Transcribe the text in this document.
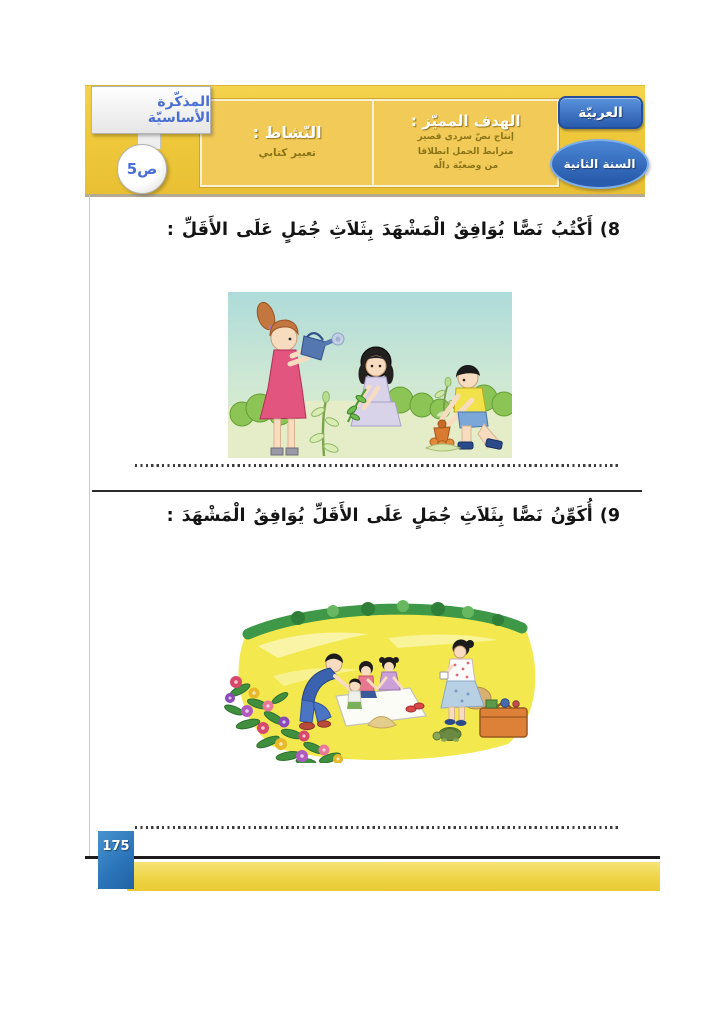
الهدف المميّز :
إنتاج نصّ سردي قصير
مترابط الجمل انطلاقا
من وضعيّة دالّة
النّشاط :
تعبير كتابي
العربيّة
السنة الثانية
المذكّرة الأساسيّة
ص5
8)أَكْتُبُ نَصًّا يُوَافِقُ الْمَشْهَدَ بِثَلاَثِ جُمَلٍ عَلَى الأَقَلِّ :
9)أُكَوِّنُ نَصًّا بِثَلاَثِ جُمَلٍ عَلَى الأَقَلِّ يُوَافِقُ الْمَشْهَدَ :
175
